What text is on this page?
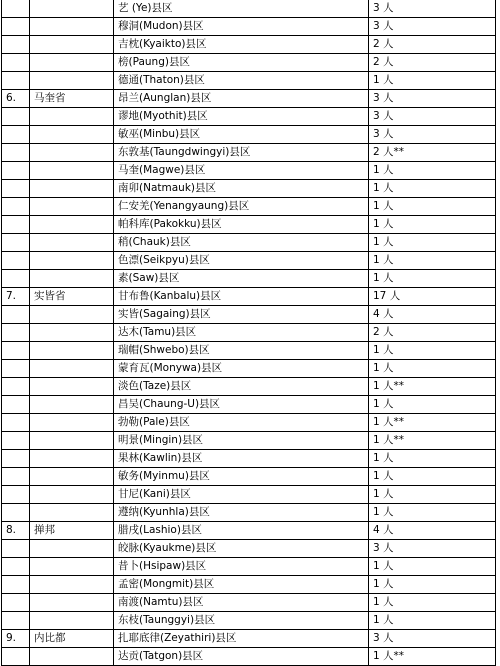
		艺 (Ye)县区	3 人
		穆洞(Mudon)县区	3 人
		吉枕(Kyaikto)县区	2 人
		榜(Paung)县区	2 人
		德通(Thaton)县区	1 人
6.	马奎省	昂兰(Aunglan)县区	3 人
		谬地(Myothit)县区	3 人
		敏巫(Minbu)县区	3 人
		东敦基(Taungdwingyi)县区	2 人**
		马奎(Magwe)县区	1 人
		南卯(Natmauk)县区	1 人
		仁安羌(Yenangyaung)县区	1 人
		帕科库(Pakokku)县区	1 人
		稍(Chauk)县区	1 人
		色漂(Seikpyu)县区	1 人
		素(Saw)县区	1 人
7.	实皆省	甘布鲁(Kanbalu)县区	17 人
		实皆(Sagaing)县区	4 人
		达木(Tamu)县区	2 人
		瑞帽(Shwebo)县区	1 人
		蒙育瓦(Monywa)县区	1 人
		淡色(Taze)县区	1 人**
		昌吴(Chaung-U)县区	1 人
		勃勒(Pale)县区	1 人**
		明景(Mingin)县区	1 人**
		果林(Kawlin)县区	1 人
		敏务(Myinmu)县区	1 人
		甘尼(Kani)县区	1 人
		遵纳(Kyunhla)县区	1 人
8.	掸邦	腊戌(Lashio)县区	4 人
		皎脉(Kyaukme)县区	3 人
		昔卜(Hsipaw)县区	1 人
		孟密(Mongmit)县区	1 人
		南渡(Namtu)县区	1 人
		东枝(Taunggyi)县区	1 人
9.	内比都	扎耶底律(Zeyathiri)县区	3 人
		达贡(Tatgon)县区	1 人**
